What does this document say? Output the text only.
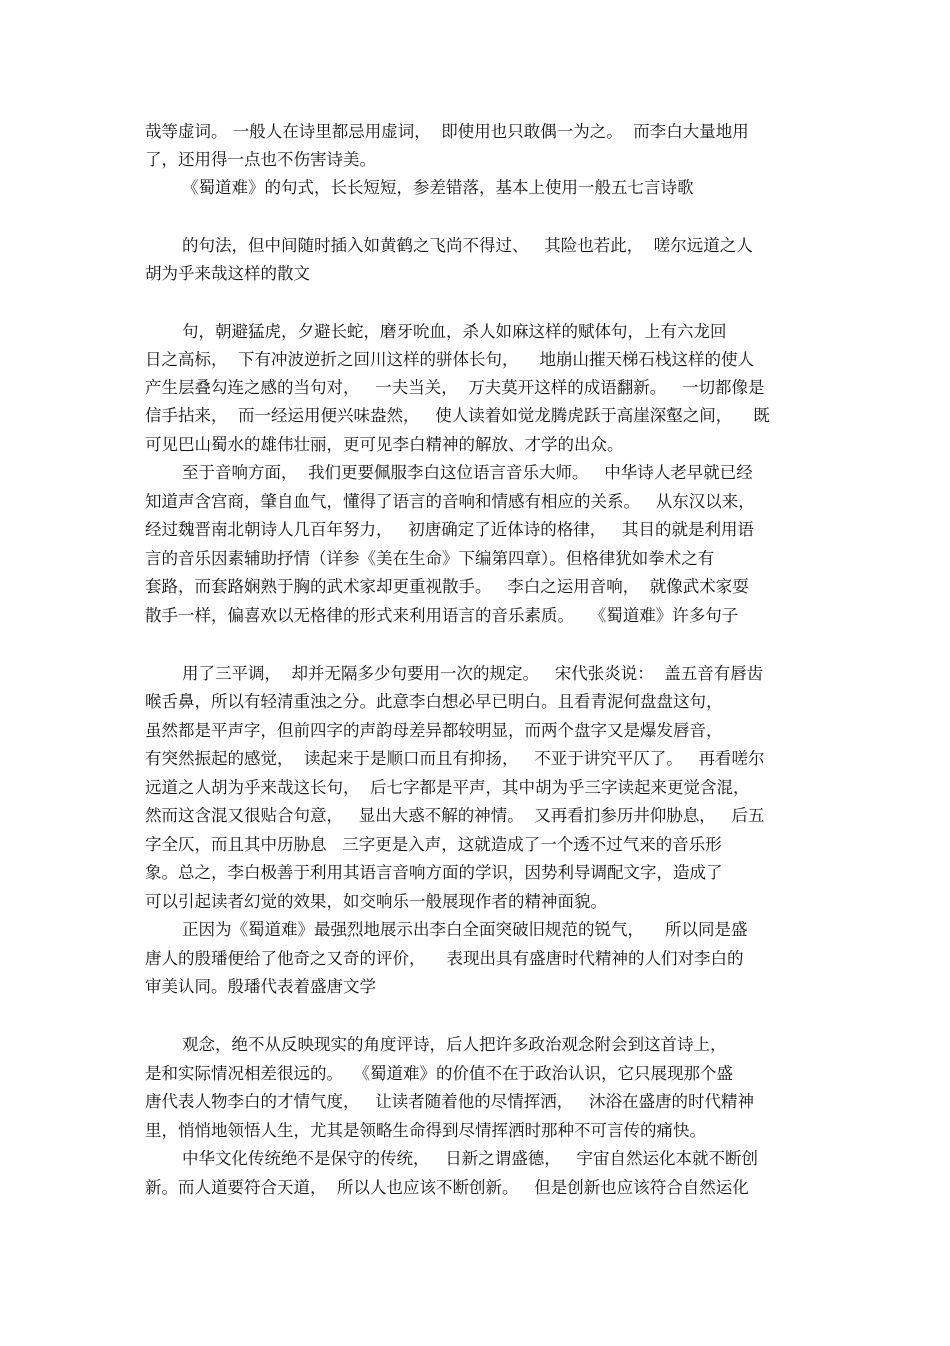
哉等虚词。 一般人在诗里都忌用虚词，  即使用也只敢偶一为之。  而李白大量地用
了，还用得一点也不伤害诗美。
《蜀道难》的句式，长长短短，参差错落，基本上使用一般五七言诗歌
的句法，但中间随时插入如黄鹤之飞尚不得过、   其险也若此，  嗟尔远道之人
胡为乎来哉这样的散文
句，朝避猛虎，夕避长蛇，磨牙吮血，杀人如麻这样的赋体句，上有六龙回
日之高标，  下有冲波逆折之回川这样的骈体长句，    地崩山摧天梯石栈这样的使人
产生层叠勾连之感的当句对，   一夫当关，  万夫莫开这样的成语翻新。   一切都像是
信手拈来，  而一经运用便兴味盎然，   使人读着如觉龙腾虎跃于高崖深壑之间，    既
可见巴山蜀水的雄伟壮丽，更可见李白精神的解放、才学的出众。
至于音响方面，  我们更要佩服李白这位语言音乐大师。   中华诗人老早就已经
知道声含宫商，肇自血气，懂得了语言的音响和情感有相应的关系。   从东汉以来，
经过魏晋南北朝诗人几百年努力，   初唐确定了近体诗的格律，   其目的就是利用语
言的音乐因素辅助抒情（详参《美在生命》下编第四章）。但格律犹如拳术之有
套路，而套路娴熟于胸的武术家却更重视散手。   李白之运用音响，  就像武术家耍
散手一样，偏喜欢以无格律的形式来利用语言的音乐素质。   《蜀道难》许多句子
用了三平调，  却并无隔多少句要用一次的规定。   宋代张炎说：  盖五音有唇齿
喉舌鼻，所以有轻清重浊之分。此意李白想必早已明白。且看青泥何盘盘这句，
虽然都是平声字，但前四字的声韵母差异都较明显，而两个盘字又是爆发唇音，
有突然振起的感觉，  读起来于是顺口而且有抑扬，   不亚于讲究平仄了。   再看嗟尔
远道之人胡为乎来哉这长句，  后七字都是平声，其中胡为乎三字读起来更觉含混，
然而这含混又很贴合句意，   显出大惑不解的神情。  又再看扪参历井仰胁息，   后五
字全仄，而且其中历胁息   三字更是入声，这就造成了一个透不过气来的音乐形
象。总之，李白极善于利用其语言音响方面的学识，因势利导调配文字，造成了
可以引起读者幻觉的效果，如交响乐一般展现作者的精神面貌。
正因为《蜀道难》最强烈地展示出李白全面突破旧规范的锐气，    所以同是盛
唐人的殷璠便给了他奇之又奇的评价，    表现出具有盛唐时代精神的人们对李白的
审美认同。殷璠代表着盛唐文学
观念，绝不从反映现实的角度评诗，后人把许多政治观念附会到这首诗上，
是和实际情况相差很远的。  《蜀道难》的价值不在于政治认识，它只展现那个盛
唐代表人物李白的才情气度，   让读者随着他的尽情挥洒，   沐浴在盛唐的时代精神
里，悄悄地领悟人生，尤其是领略生命得到尽情挥洒时那种不可言传的痛快。
中华文化传统绝不是保守的传统，   日新之谓盛德，   宇宙自然运化本就不断创
新。而人道要符合天道，  所以人也应该不断创新。   但是创新也应该符合自然运化
